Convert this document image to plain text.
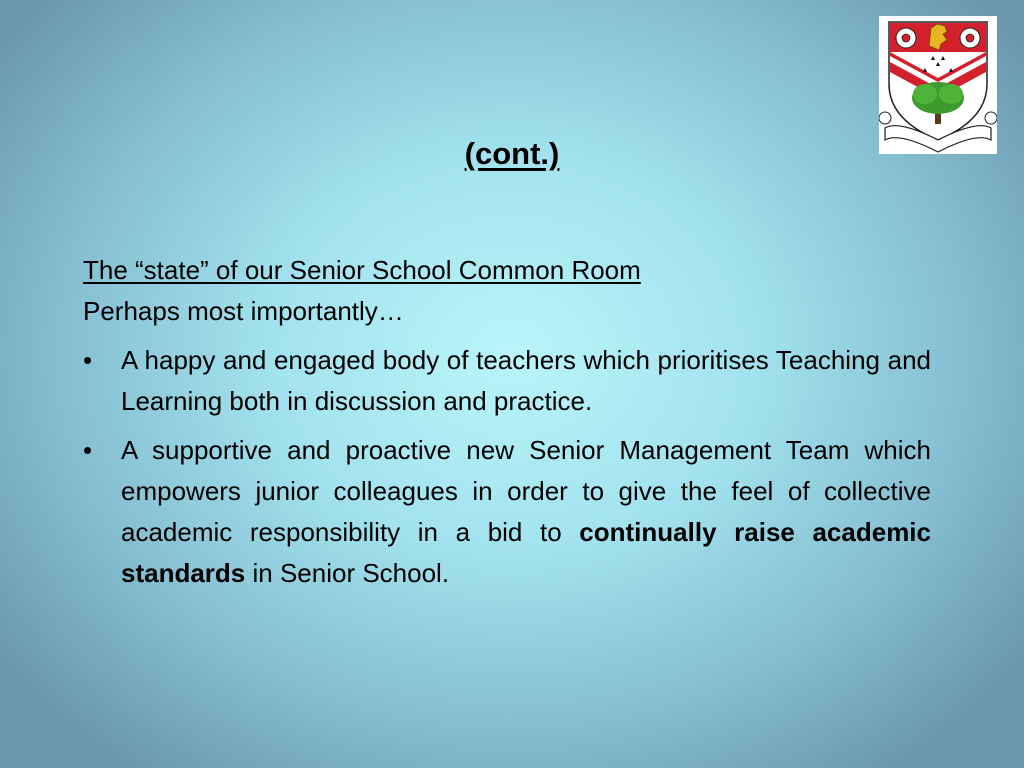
(cont.)

The “state” of our Senior School Common Room

Perhaps most importantly…

• A happy and engaged body of teachers which prioritises Teaching and Learning both in discussion and practice.
• A supportive and proactive new Senior Management Team which empowers junior colleagues in order to give the feel of collective academic responsibility in a bid to continually raise academic standards in Senior School.
